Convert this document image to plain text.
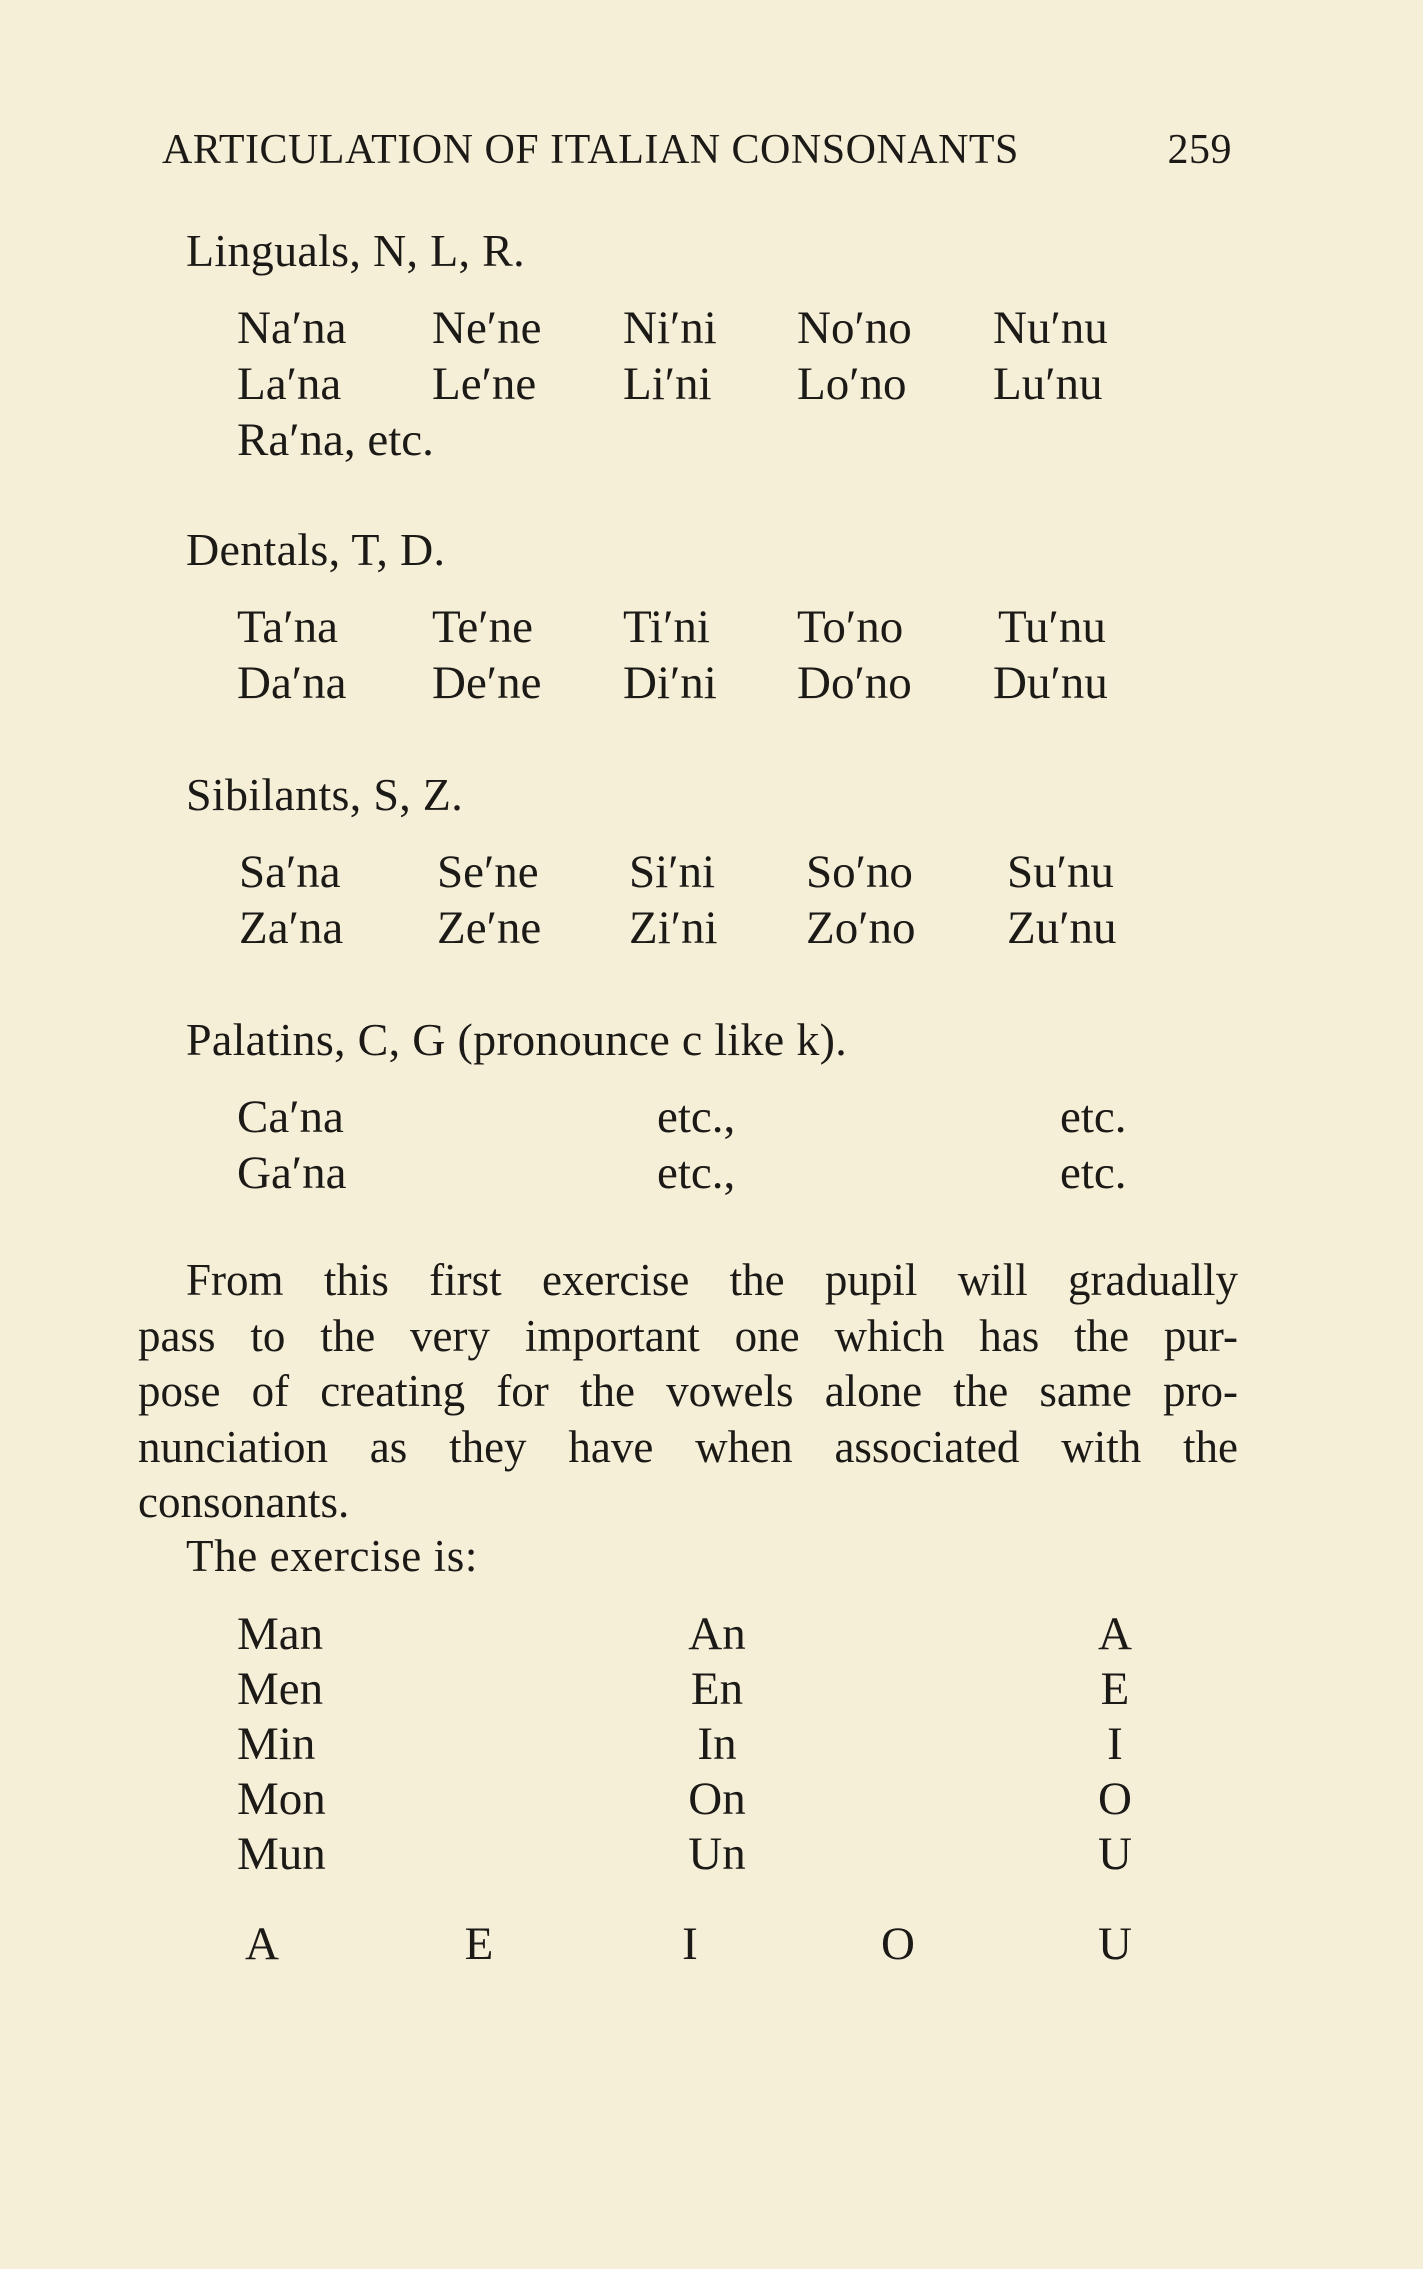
ARTICULATION OF ITALIAN CONSONANTS	259
Linguals, N, L, R.
Na′na Ne′ne Ni′ni No′no Nu′nu
La′na Le′ne Li′ni Lo′no Lu′nu
Ra′na, etc.
Dentals, T, D.
Ta′na Te′ne Ti′ni To′no Tu′nu
Da′na De′ne Di′ni Do′no Du′nu
Sibilants, S, Z.
Sa′na Se′ne Si′ni So′no Su′nu
Za′na Ze′ne Zi′ni Zo′no Zu′nu
Palatins, C, G (pronounce c like k).
Ca′na	etc.,	etc.
Ga′na	etc.,	etc.
From this first exercise the pupil will gradually
pass to the very important one which has the pur-
pose of creating for the vowels alone the same pro-
nunciation as they have when associated with the
consonants.
The exercise is:
Man	An	A
Men	En	E
Min	In	I
Mon	On	O
Mun	Un	U
A	E	I	O	U
